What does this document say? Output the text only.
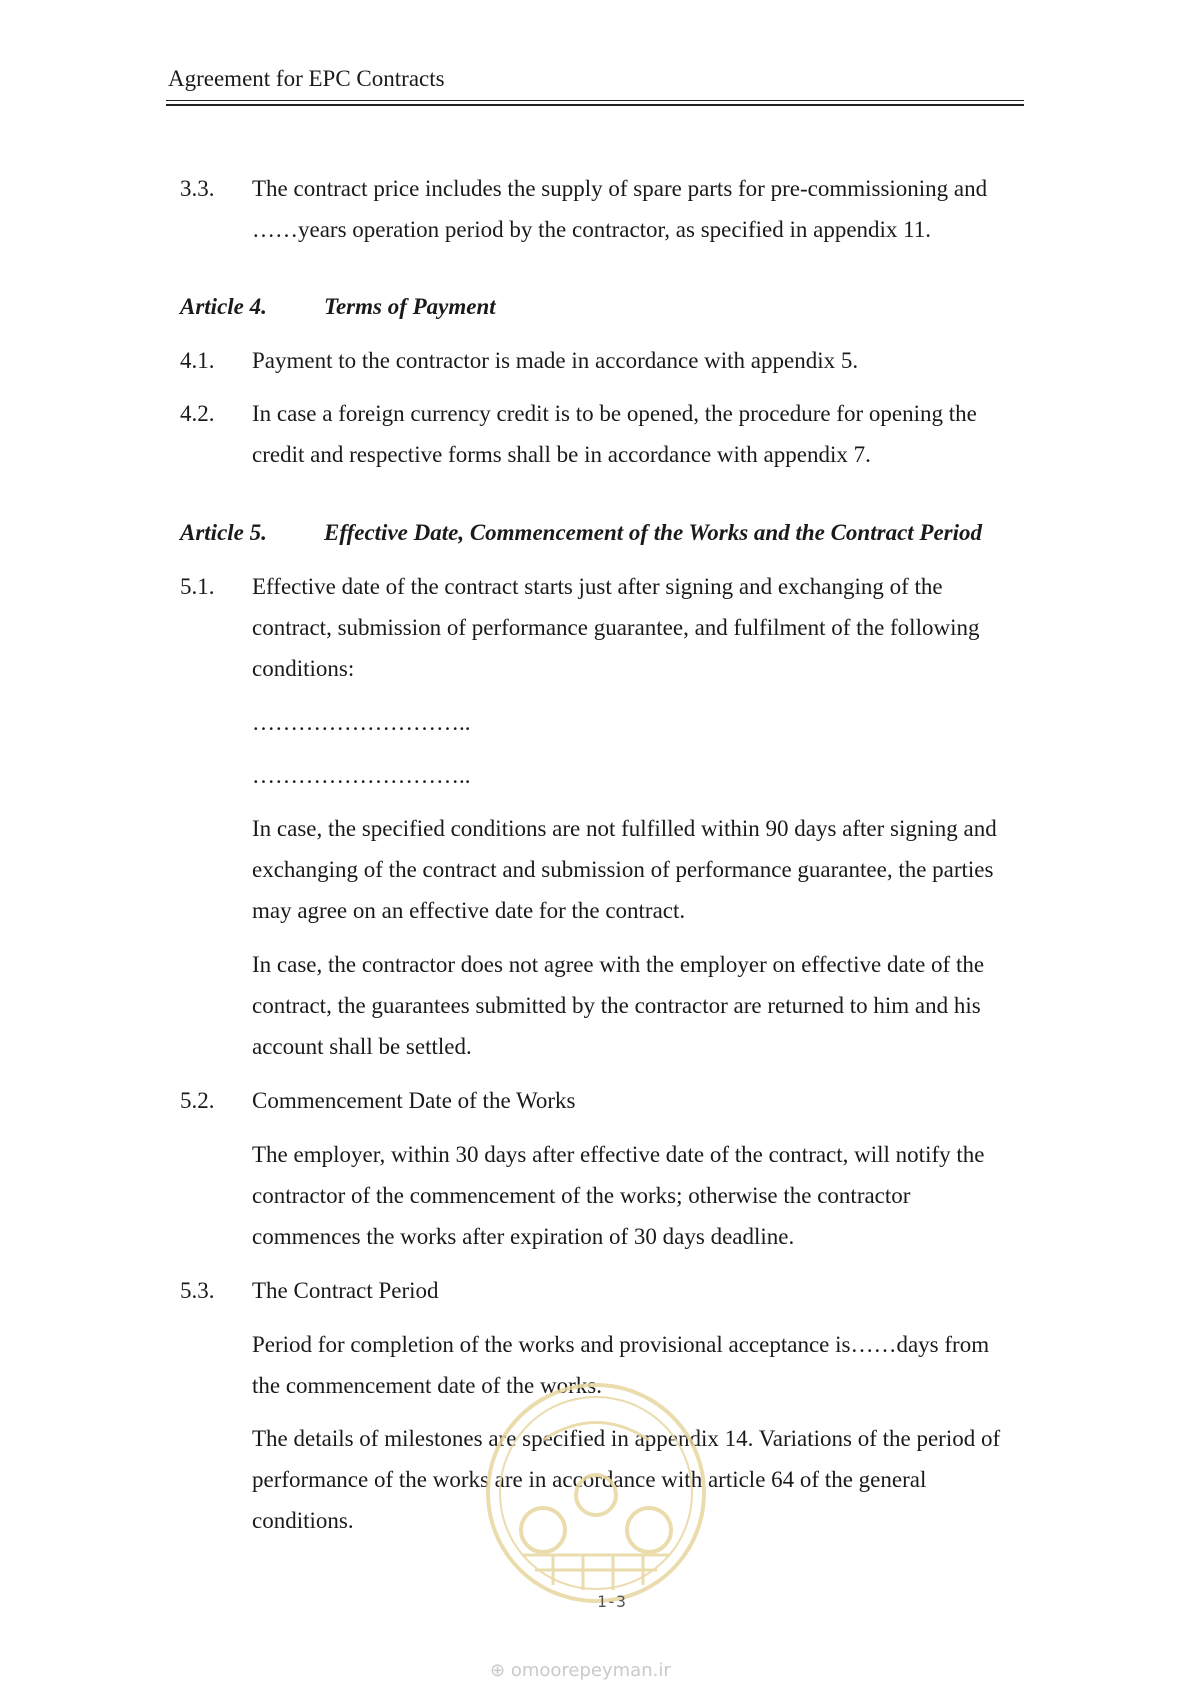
Agreement for EPC Contracts
3.3. The contract price includes the supply of spare parts for pre-commissioning and
……years operation period by the contractor, as specified in appendix 11.
Article 4. Terms of Payment
4.1. Payment to the contractor is made in accordance with appendix 5.
4.2. In case a foreign currency credit is to be opened, the procedure for opening the
credit and respective forms shall be in accordance with appendix 7.
Article 5. Effective Date, Commencement of the Works and the Contract Period
5.1. Effective date of the contract starts just after signing and exchanging of the
contract, submission of performance guarantee, and fulfilment of the following
conditions:
………………………..
………………………..
In case, the specified conditions are not fulfilled within 90 days after signing and
exchanging of the contract and submission of performance guarantee, the parties
may agree on an effective date for the contract.
In case, the contractor does not agree with the employer on effective date of the
contract, the guarantees submitted by the contractor are returned to him and his
account shall be settled.
5.2. Commencement Date of the Works
The employer, within 30 days after effective date of the contract, will notify the
contractor of the commencement of the works; otherwise the contractor
commences the works after expiration of 30 days deadline.
5.3. The Contract Period
Period for completion of the works and provisional acceptance is……days from
the commencement date of the works.
The details of milestones are specified in appendix 14. Variations of the period of
performance of the works are in accordance with article 64 of the general
conditions.
1-3
⊕ omoorepeyman.ir
